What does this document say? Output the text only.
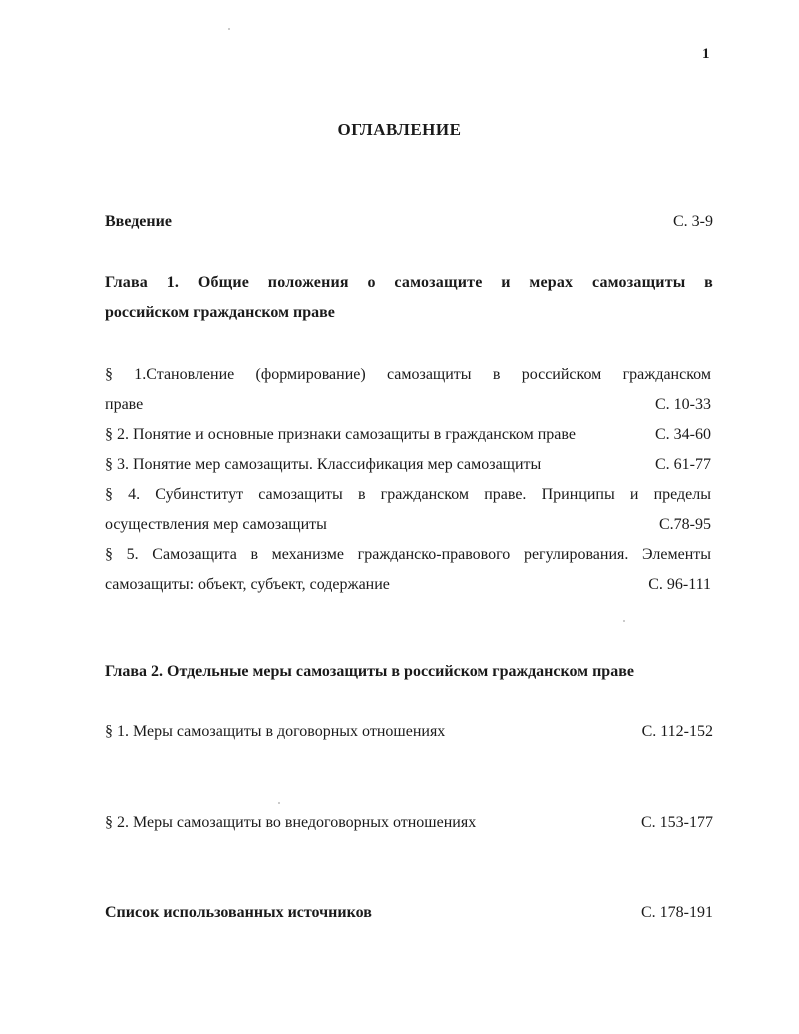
1
ОГЛАВЛЕНИЕ
Введение	С. 3-9
Глава 1. Общие положения о самозащите и мерах самозащиты в
российском гражданском праве
§ 1.Становление (формирование) самозащиты в российском гражданском
праве	С. 10-33
§ 2. Понятие и основные признаки самозащиты в гражданском праве	С. 34-60
§ 3. Понятие мер самозащиты. Классификация мер самозащиты	С. 61-77
§ 4. Субинститут самозащиты в гражданском праве. Принципы и пределы
осуществления мер самозащиты	С.78-95
§ 5. Самозащита в механизме гражданско-правового регулирования. Элементы
самозащиты: объект, субъект, содержание	С. 96-111
Глава 2. Отдельные меры самозащиты в российском гражданском праве
§ 1. Меры самозащиты в договорных отношениях	С. 112-152
§ 2. Меры самозащиты во внедоговорных отношениях	С. 153-177
Список использованных источников	С. 178-191
